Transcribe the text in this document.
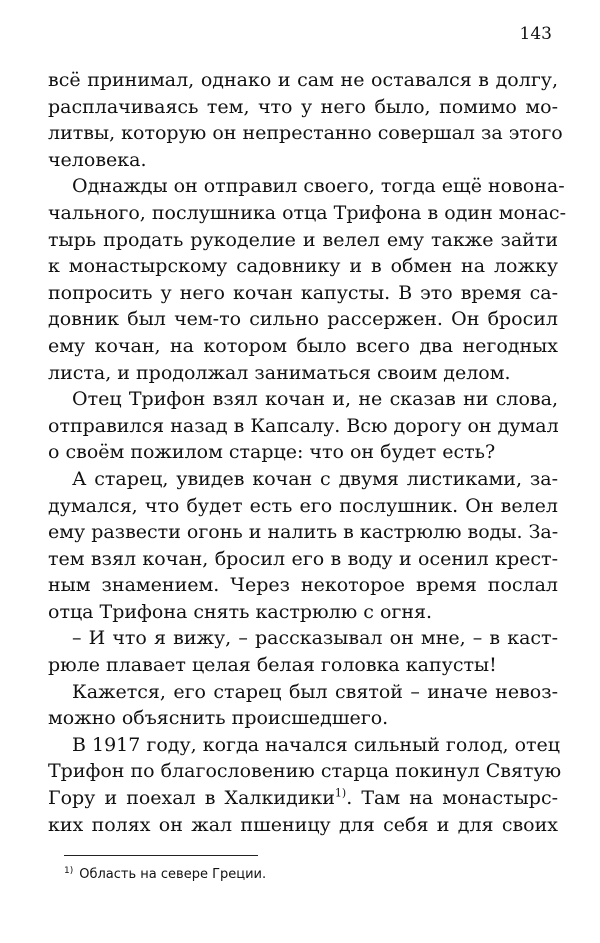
143
всё принимал, однако и сам не оставался в долгу,
расплачиваясь тем, что у него было, помимо мо-
литвы, которую он непрестанно совершал за этого
человека.
Однажды он отправил своего, тогда ещё новона-
чального, послушника отца Трифона в один монас-
тырь продать рукоделие и велел ему также зайти
к монастырскому садовнику и в обмен на ложку
попросить у него кочан капусты. В это время са-
довник был чем-то сильно рассержен. Он бросил
ему кочан, на котором было всего два негодных
листа, и продолжал заниматься своим делом.
Отец Трифон взял кочан и, не сказав ни слова,
отправился назад в Капсалу. Всю дорогу он думал
о своём пожилом старце: что он будет есть?
А старец, увидев кочан с двумя листиками, за-
думался, что будет есть его послушник. Он велел
ему развести огонь и налить в кастрюлю воды. За-
тем взял кочан, бросил его в воду и осенил крест-
ным знамением. Через некоторое время послал
отца Трифона снять кастрюлю с огня.
– И что я вижу, – рассказывал он мне, – в каст-
рюле плавает целая белая головка капусты!
Кажется, его старец был святой – иначе невоз-
можно объяснить происшедшего.
В 1917 году, когда начался сильный голод, отец
Трифон по благословению старца покинул Святую
Гору и поехал в Халкидики$^{1)}$. Там на монастырс-
ких полях он жал пшеницу для себя и для своих
$^{1)}$ Область на севере Греции.
